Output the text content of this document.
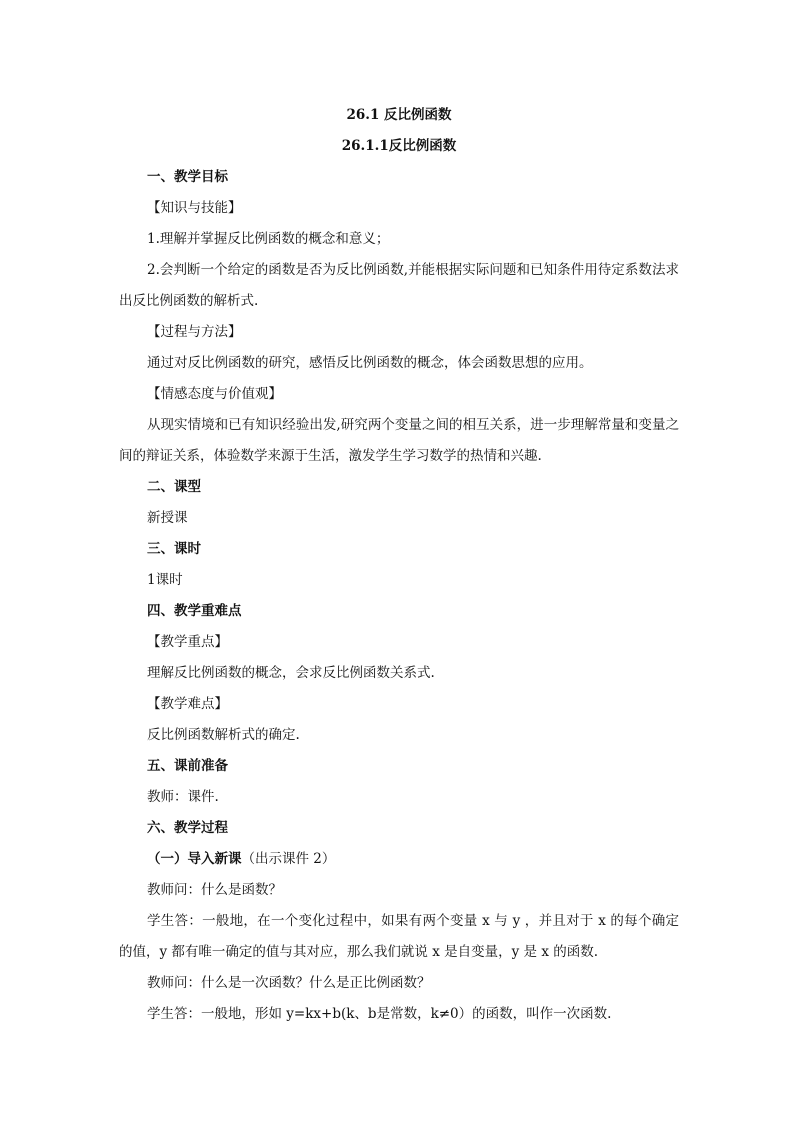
26.1 反比例函数
26.1.1反比例函数
一、教学目标
【知识与技能】
1.理解并掌握反比例函数的概念和意义；
2.会判断一个给定的函数是否为反比例函数,并能根据实际问题和已知条件用待定系数法求出反比例函数的解析式.
【过程与方法】
通过对反比例函数的研究，感悟反比例函数的概念，体会函数思想的应用。
【情感态度与价值观】
从现实情境和已有知识经验出发,研究两个变量之间的相互关系，进一步理解常量和变量之间的辩证关系，体验数学来源于生活，激发学生学习数学的热情和兴趣.
二、课型
新授课
三、课时
1课时
四、教学重难点
【教学重点】
理解反比例函数的概念，会求反比例函数关系式.
【教学难点】
反比例函数解析式的确定.
五、课前准备
教师：课件.
六、教学过程
（一）导入新课（出示课件 2）
教师问：什么是函数？
学生答：一般地，在一个变化过程中，如果有两个变量 x 与 y ，并且对于 x 的每个确定的值，y 都有唯一确定的值与其对应，那么我们就说 x 是自变量，y 是 x 的函数.
教师问：什么是一次函数？什么是正比例函数？
学生答：一般地，形如 y=kx+b(k、b是常数，k≠0）的函数，叫作一次函数.
